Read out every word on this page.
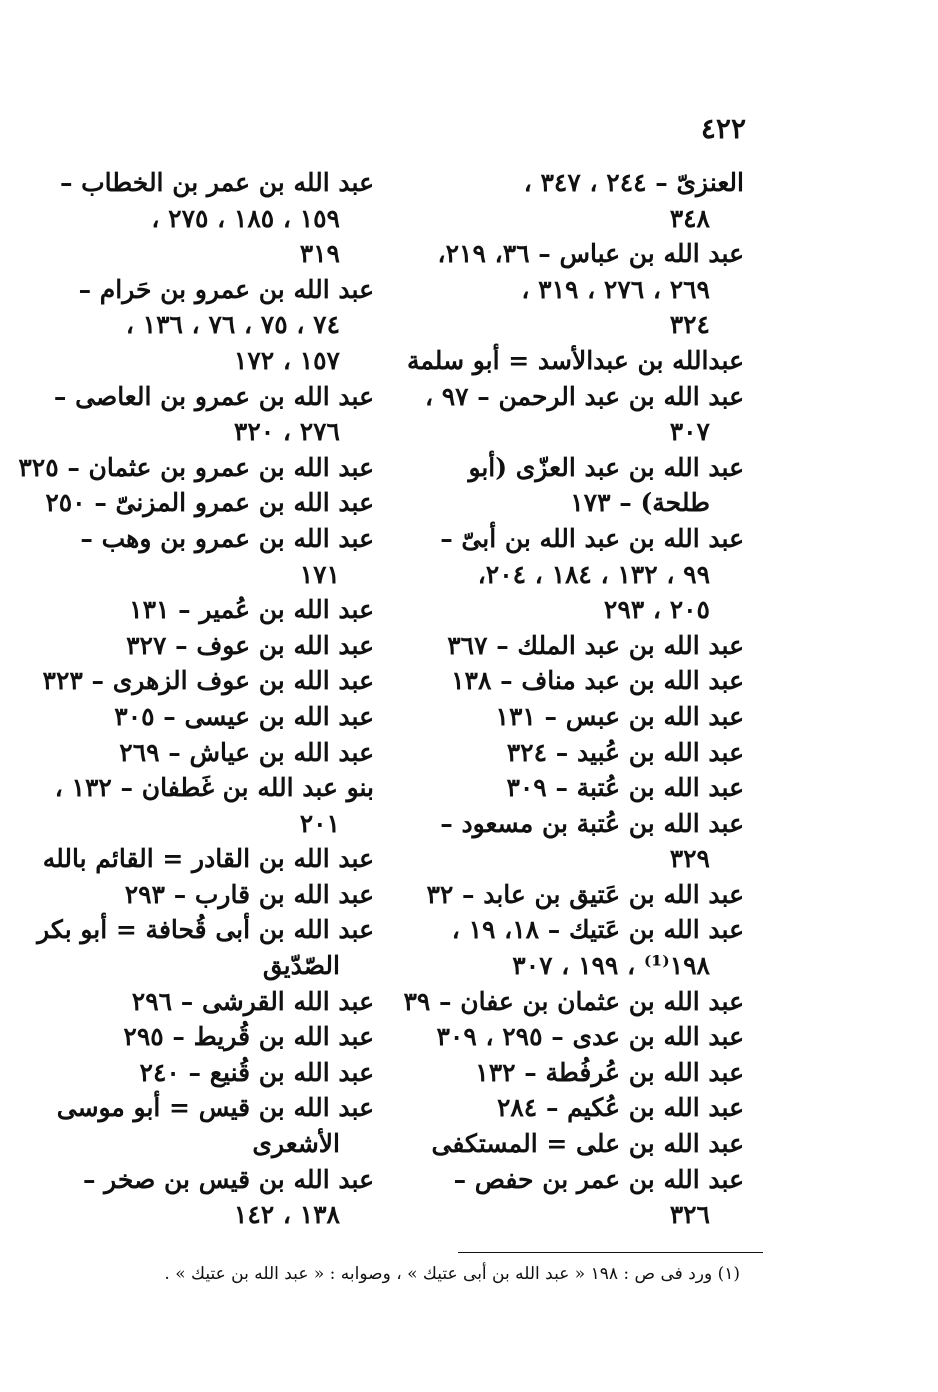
٤٢٢
العنزىّ – ٢٤٤ ، ٣٤٧ ،
٣٤٨
عبد الله بن عباس – ٣٦، ٢١٩،
٢٦٩ ، ٢٧٦ ، ٣١٩ ،
٣٢٤
عبدالله بن عبدالأسد = أبو سلمة
عبد الله بن عبد الرحمن – ٩٧ ،
٣٠٧
عبد الله بن عبد العزّى (أبو
طلحة) – ١٧٣
عبد الله بن عبد الله بن أبىّ –
٩٩ ، ١٣٢ ، ١٨٤ ، ٢٠٤،
٢٠٥ ، ٢٩٣
عبد الله بن عبد الملك – ٣٦٧
عبد الله بن عبد مناف – ١٣٨
عبد الله بن عبس – ١٣١
عبد الله بن عُبيد – ٣٢٤
عبد الله بن عُتبة – ٣٠٩
عبد الله بن عُتبة بن مسعود –
٣٢٩
عبد الله بن عَتيق بن عابد – ٣٢
عبد الله بن عَتيك – ١٨، ١٩ ،
١٩٨⁽¹⁾ ، ١٩٩ ، ٣٠٧
عبد الله بن عثمان بن عفان – ٣٩
عبد الله بن عدى – ٢٩٥ ، ٣٠٩
عبد الله بن عُرفُطة – ١٣٢
عبد الله بن عُكيم – ٢٨٤
عبد الله بن على = المستكفى
عبد الله بن عمر بن حفص –
٣٢٦
عبد الله بن عمر بن الخطاب –
١٥٩ ، ١٨٥ ، ٢٧٥ ،
٣١٩
عبد الله بن عمرو بن حَرام –
٧٤ ، ٧٥ ، ٧٦ ، ١٣٦ ،
١٥٧ ، ١٧٢
عبد الله بن عمرو بن العاصى –
٢٧٦ ، ٣٢٠
عبد الله بن عمرو بن عثمان – ٣٢٥
عبد الله بن عمرو المزنىّ – ٢٥٠
عبد الله بن عمرو بن وهب –
١٧١
عبد الله بن عُمير – ١٣١
عبد الله بن عوف – ٣٢٧
عبد الله بن عوف الزهرى – ٣٢٣
عبد الله بن عيسى – ٣٠٥
عبد الله بن عياش – ٢٦٩
بنو عبد الله بن غَطفان – ١٣٢ ،
٢٠١
عبد الله بن القادر = القائم بالله
عبد الله بن قارب – ٢٩٣
عبد الله بن أبى قُحافة = أبو بكر
الصّدّيق
عبد الله القرشى – ٢٩٦
عبد الله بن قُريط – ٢٩٥
عبد الله بن قُنيع – ٢٤٠
عبد الله بن قيس = أبو موسى
الأشعرى
عبد الله بن قيس بن صخر –
١٣٨ ، ١٤٢
(١) ورد فى ص : ١٩٨ « عبد الله بن أبى عتيك » ، وصوابه : « عبد الله بن عتيك » .
